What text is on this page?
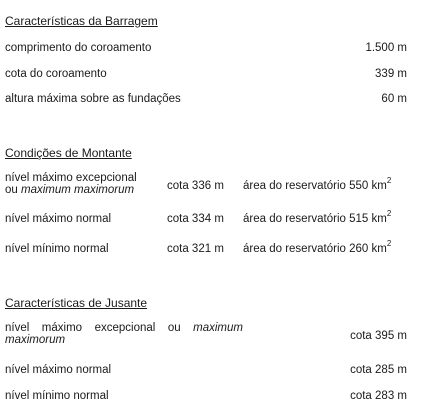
Características da Barragem
comprimento do coroamento	1.500 m
cota do coroamento	339 m
altura máxima sobre as fundações	60 m
Condições de Montante
nível máximo excepcional
ou maximum maximorum	cota 336 m área do reservatório 550 $km^2$
nível máximo normal	cota 334 m área do reservatório 515 $km^2$
nível mínimo normal	cota 321 m área do reservatório 260 $km^2$
Características de Jusante
nível máximo excepcional ou maximum
maximorum	cota 395 m
nível máximo normal	cota 285 m
nível mínimo normal	cota 283 m
